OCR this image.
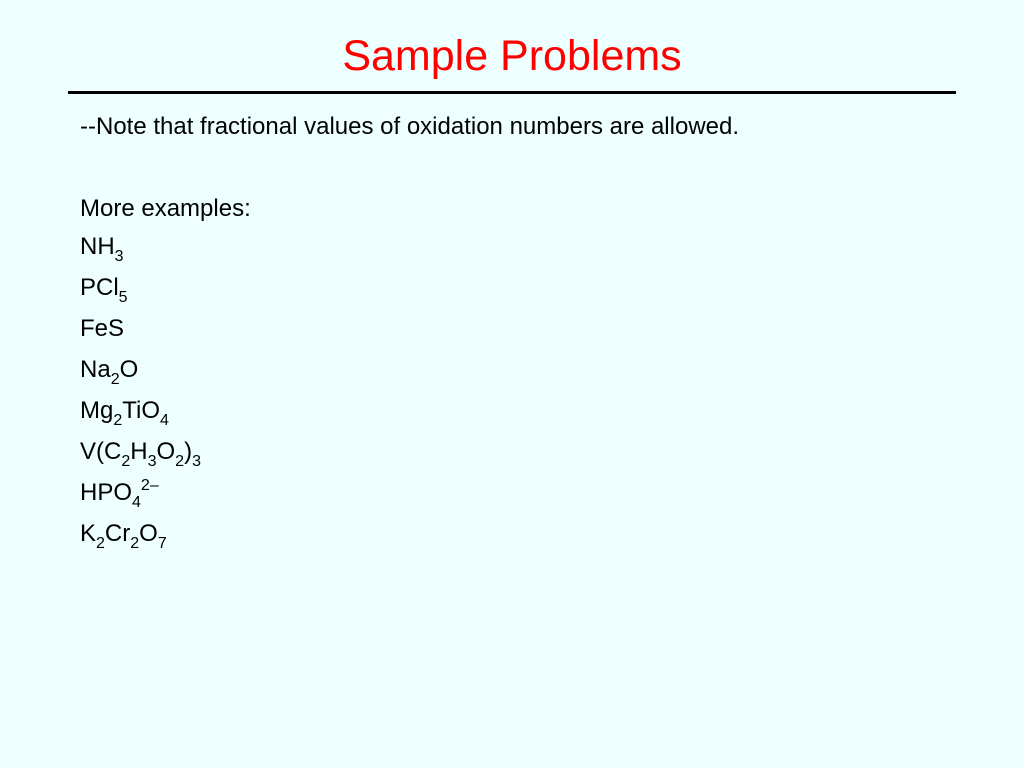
Sample Problems
--Note that fractional values of oxidation numbers are allowed.
More examples:
$NH_3$
PCl$_5$
FeS
$Na_2O$
$Mg_2TiO_4$
$V(C_2H_3O_2)_3$
$HPO_4^{2-}$
$K_2Cr_2O_7$
